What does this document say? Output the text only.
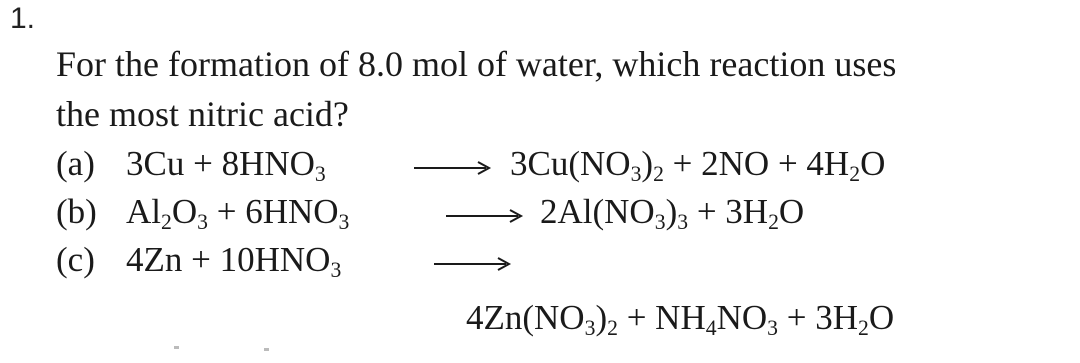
1.
For the formation of 8.0 mol of water, which reaction uses
the most nitric acid?
(a) $3Cu + 8HNO_3$	$3Cu(NO_3)_2 + 2NO + 4H_2O$
(b) $Al_2O_3 + 6HNO_3$	$2Al(NO_3)_3 + 3H_2O$
(c) $4Zn + 10HNO_3$
$4Zn(NO_3)_2 + NH_4NO_3 + 3H_2O$
